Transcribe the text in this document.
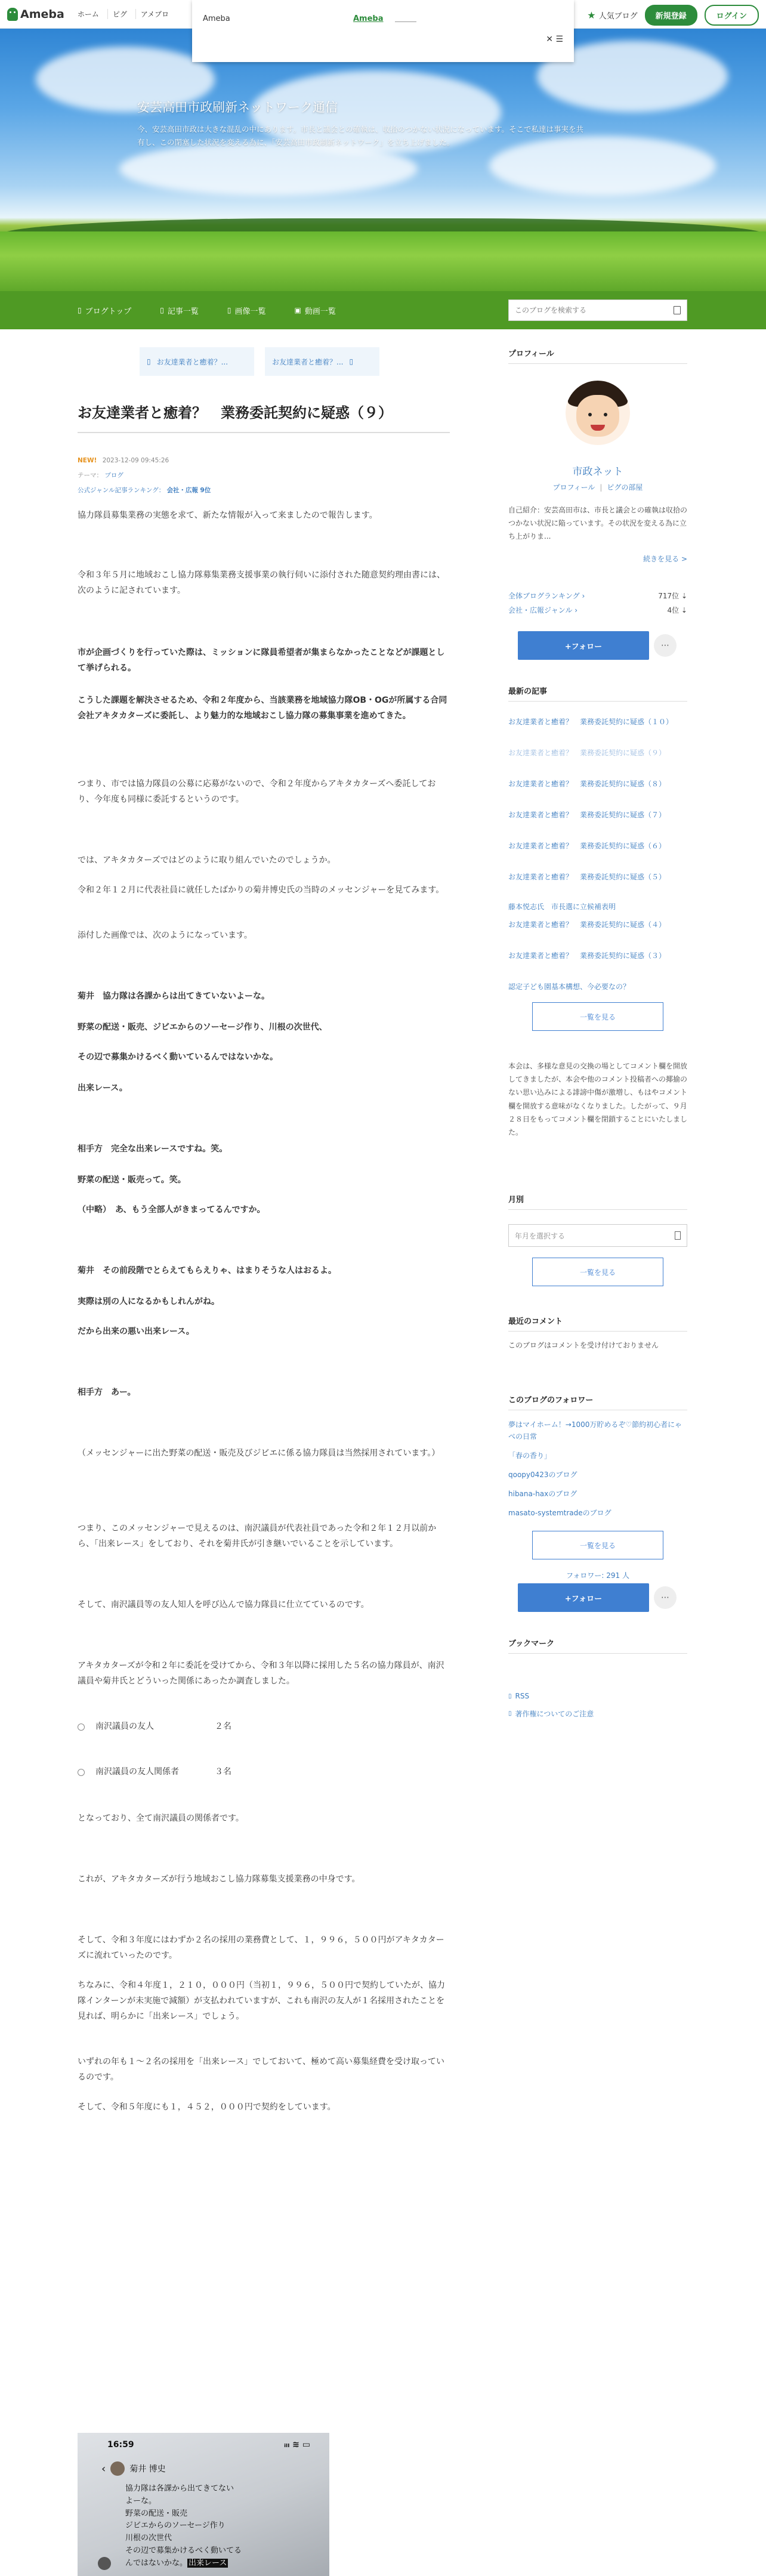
Ameba	ホーム	ピグ	アメブロ	★ 人気ブログ	新規登録	ログイン
Ameba	Ameba
✕ ☰
安芸高田市政刷新ネットワーク通信
今、安芸高田市政は大きな混乱の中にあります。市長と議会との確執は、収拾のつかない状況になっています。そこで私達は事実を共有し、この閉塞した状況を変える為に、「安芸高田市政刷新ネットワーク」を立ち上げました。
▯ ブログトップ	▯ 記事一覧	▯ 画像一覧	▣ 動画一覧
このブログを検索する
▯ お友達業者と癒着？...	お友達業者と癒着？... ▯
お友達業者と癒着？　業務委託契約に疑惑（９）
NEW! 2023-12-09 09:45:26
テーマ： ブログ
公式ジャンル記事ランキング： 会社・広報 9位
協力隊員募集業務の実態を求て、新たな情報が入って来ましたので報告します。
令和３年５月に地域おこし協力隊募集業務支援事業の執行伺いに添付された随意契約理由書には、次のように記されています。
市が企画づくりを行っていた際は、ミッションに隊員希望者が集まらなかったことなどが課題として挙げられる。
こうした課題を解決させるため、令和２年度から、当該業務を地域協力隊OB・OGが所属する合同会社アキタカターズに委託し、より魅力的な地域おこし協力隊の募集事業を進めてきた。
つまり、市では協力隊員の公募に応募がないので、令和２年度からアキタカターズへ委託しており、今年度も同様に委託するというのです。
では、アキタカターズではどのように取り組んでいたのでしょうか。
令和２年１２月に代表社員に就任したばかりの菊井博史氏の当時のメッセンジャーを見てみます。
添付した画像では、次のようになっています。
菊井　協力隊は各課からは出てきていないよーな。
野菜の配送・販売、ジビエからのソーセージ作り、川根の次世代、
その辺で募集かけるべく動いているんではないかな。
出来レース。
相手方　完全な出来レースですね。笑。
野菜の配送・販売って。笑。
（中略）　あ、もう全部人がきまってるんですか。
菊井　その前段階でとらえてもらえりゃ、はまりそうな人はおるよ。
実際は別の人になるかもしれんがね。
だから出来の悪い出来レース。
相手方　あー。
（メッセンジャーに出た野菜の配送・販売及びジビエに係る協力隊員は当然採用されています。）
つまり、このメッセンジャーで見えるのは、南沢議員が代表社員であった令和２年１２月以前から、「出来レース」をしており、それを菊井氏が引き継いでいることを示しています。
そして、南沢議員等の友人知人を呼び込んで協力隊員に仕立てているのです。
アキタカターズが令和２年に委託を受けてから、令和３年以降に採用した５名の協力隊員が、南沢議員や菊井氏とどういった関係にあったか調査しました。
南沢議員の友人	２名
南沢議員の友人関係者	３名
となっており、全て南沢議員の関係者です。
これが、アキタカターズが行う地域おこし協力隊募集支援業務の中身です。
そして、令和３年度にはわずか２名の採用の業務費として、１，９９６，５００円がアキタカターズに流れていったのです。
ちなみに、令和４年度１，２１０，０００円（当初１，９９６，５００円で契約していたが、協力隊インターンが未実施で減額）が支払われていますが、これも南沢の友人が１名採用されたことを見れば、明らかに「出来レース」でしょう。
いずれの年も１～２名の採用を「出来レース」でしておいて、極めて高い募集経費を受け取っているのです。
そして、令和５年度にも１，４５２，０００円で契約をしています。
16:59	ᵢₗₗ ≋ ▭
‹	菊井 博史
協力隊は各課から出てきてない
よーな。
野菜の配送・販売
ジビエからのソーセージ作り
川根の次世代
その辺で募集かけるべく動いてる
んではないかな。 出来レース
プロフィール
市政ネット
プロフィール | ピグの部屋
自己紹介：安芸高田市は、市長と議会との確執は収拾のつかない状況に陥っています。その状況を変える為に立ち上がりま...
続きを見る >
全体ブログランキング ›	717位 ⇣
会社・広報ジャンル ›	4位 ⇣
+フォロー	⋯
最新の記事
お友達業者と癒着？　業務委託契約に疑惑（１０）
お友達業者と癒着？　業務委託契約に疑惑（９）
お友達業者と癒着？　業務委託契約に疑惑（８）
お友達業者と癒着？　業務委託契約に疑惑（７）
お友達業者と癒着？　業務委託契約に疑惑（６）
お友達業者と癒着？　業務委託契約に疑惑（５）
藤本悦志氏　市長選に立候補表明
お友達業者と癒着？　業務委託契約に疑惑（４）
お友達業者と癒着？　業務委託契約に疑惑（３）
認定子ども園基本構想、今必要なの？
一覧を見る
本会は、多様な意見の交換の場としてコメント欄を開放してきましたが、本会や他のコメント投稿者への揶揄のない思い込みによる誹謗中傷が激増し、もはやコメント欄を開放する意味がなくなりました。したがって、９月２８日をもってコメント欄を閉鎖することにいたしました。
月別
年月を選択する
一覧を見る
最近のコメント
このブログはコメントを受け付けておりません
このブログのフォロワー
夢はマイホーム！→1000万貯めるぞ♡節約初心者にゃべの日常
「春の香り」
qoopy0423のブログ
hibana-haxのブログ
masato-systemtradeのブログ
一覧を見る
フォロワー: 291 人
+フォロー	⋯
ブックマーク
▯ RSS
▯ 著作権についてのご注意
